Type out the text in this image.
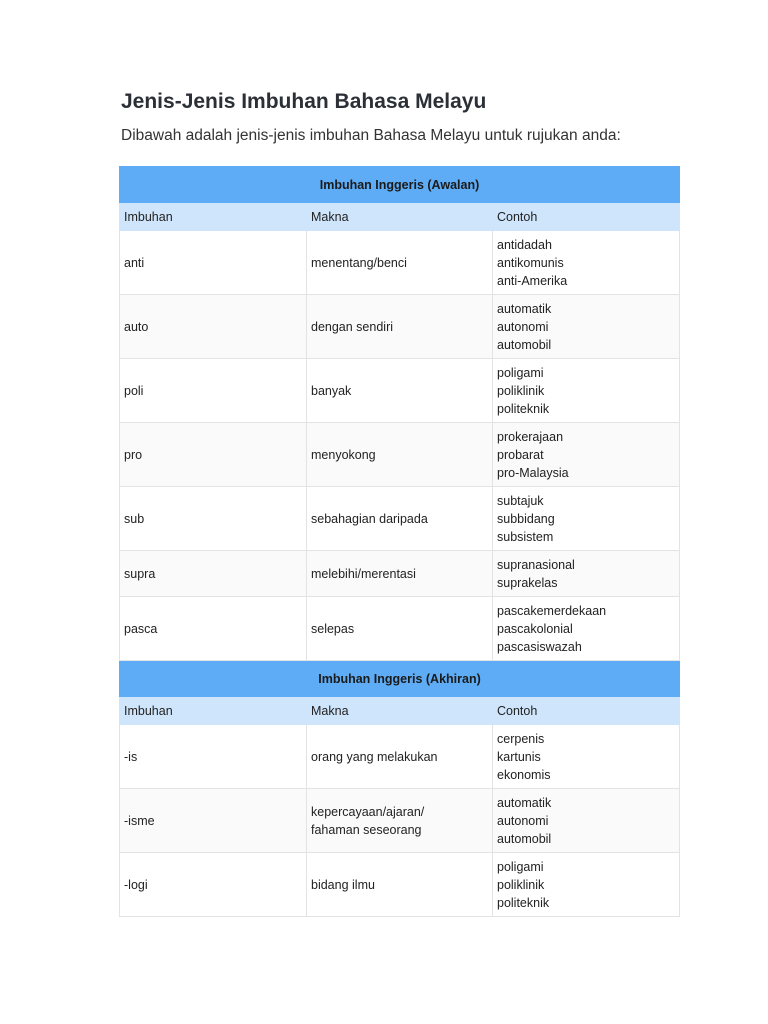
Jenis-Jenis Imbuhan Bahasa Melayu

Dibawah adalah jenis-jenis imbuhan Bahasa Melayu untuk rujukan anda:

Imbuhan Inggeris (Awalan)		
Imbuhan	Makna	Contoh
anti	menentang/benci	antidadah
antikomunis
anti-Amerika

auto	dengan sendiri	automatik
autonomi
automobil

poli	banyak	poligami
poliklinik
politeknik

pro	menyokong	prokerajaan
probarat
pro-Malaysia

sub	sebahagian daripada	subtajuk
subbidang
subsistem

supra	melebihi/merentasi	supranasional
suprakelas

pasca	selepas	pascakemerdekaan
pascakolonial
pascasiswazah

Imbuhan Inggeris (Akhiran)		
Imbuhan	Makna	Contoh
-is	orang yang melakukan	cerpenis
kartunis
ekonomis

-isme	kepercayaan/ajaran/
fahaman seseorang	automatik
autonomi
automobil

-logi	bidang ilmu	poligami
poliklinik
politeknik
